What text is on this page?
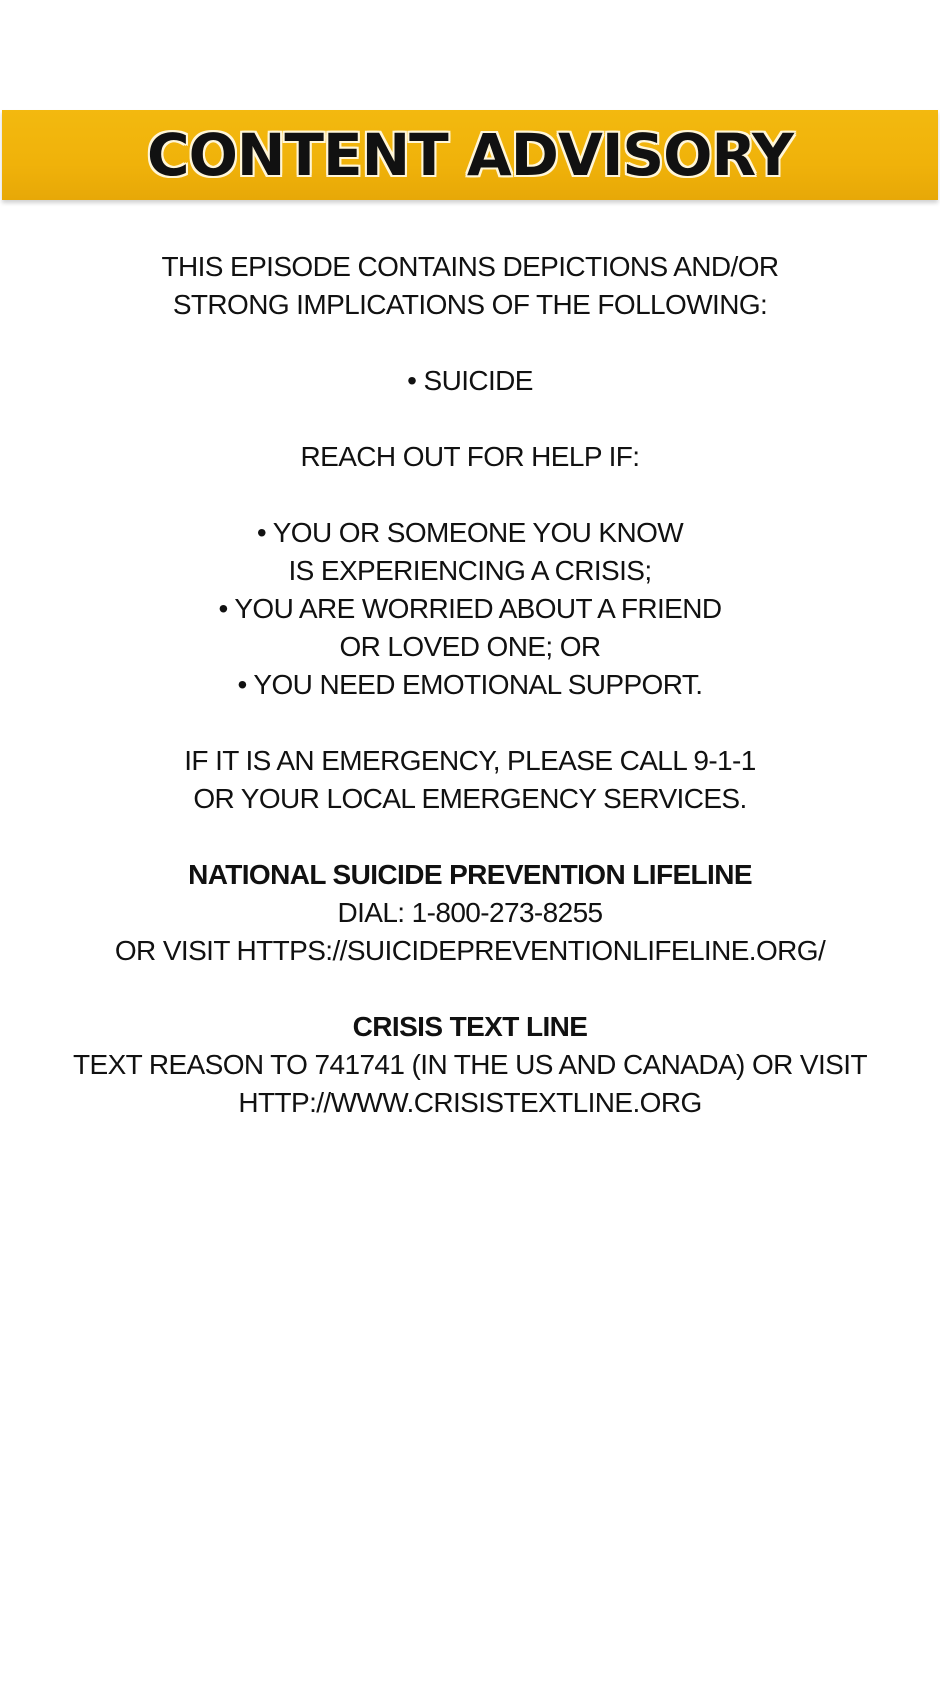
CONTENT ADVISORY
THIS EPISODE CONTAINS DEPICTIONS AND/OR
STRONG IMPLICATIONS OF THE FOLLOWING:
• SUICIDE
REACH OUT FOR HELP IF:
• YOU OR SOMEONE YOU KNOW
IS EXPERIENCING A CRISIS;
• YOU ARE WORRIED ABOUT A FRIEND
OR LOVED ONE; OR
• YOU NEED EMOTIONAL SUPPORT.
IF IT IS AN EMERGENCY, PLEASE CALL 9-1-1
OR YOUR LOCAL EMERGENCY SERVICES.
NATIONAL SUICIDE PREVENTION LIFELINE
DIAL: 1-800-273-8255
OR VISIT HTTPS://SUICIDEPREVENTIONLIFELINE.ORG/
CRISIS TEXT LINE
TEXT REASON TO 741741 (IN THE US AND CANADA) OR VISIT
HTTP://WWW.CRISISTEXTLINE.ORG
